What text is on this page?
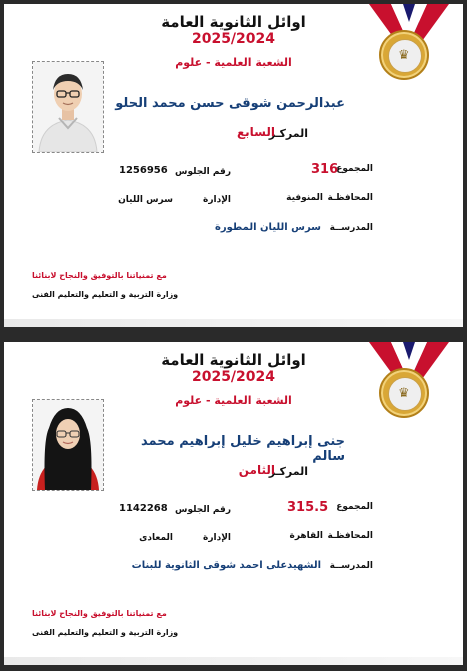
♛
اوائل الثانوية العامة
2025/2024
الشعبة العلمية - علوم
عبدالرحمن شوقى حسن محمد الحلو
المركـز
السابع
المجموع
316
رقم الجلوس
1256956
المحافظـة
المنوفية
الإدارة
سرس الليان
المدرســة
سرس الليان المطورة
مع تمنياتنا بالتوفيق والنجاح لابنائنا
وزارة التربية و التعليم والتعليم الفنى
♛
اوائل الثانوية العامة
2025/2024
الشعبة العلمية - علوم
جنى إبراهيم خليل إبراهيم محمد سالم
المركـز
الثامن
المجموع
315.5
رقم الجلوس
1142268
المحافظـة
القاهرة
الإدارة
المعادى
المدرســة
الشهيدعلى احمد شوقى الثانوية للبنات
مع تمنياتنا بالتوفيق والنجاح لابنائنا
وزارة التربية و التعليم والتعليم الفنى
